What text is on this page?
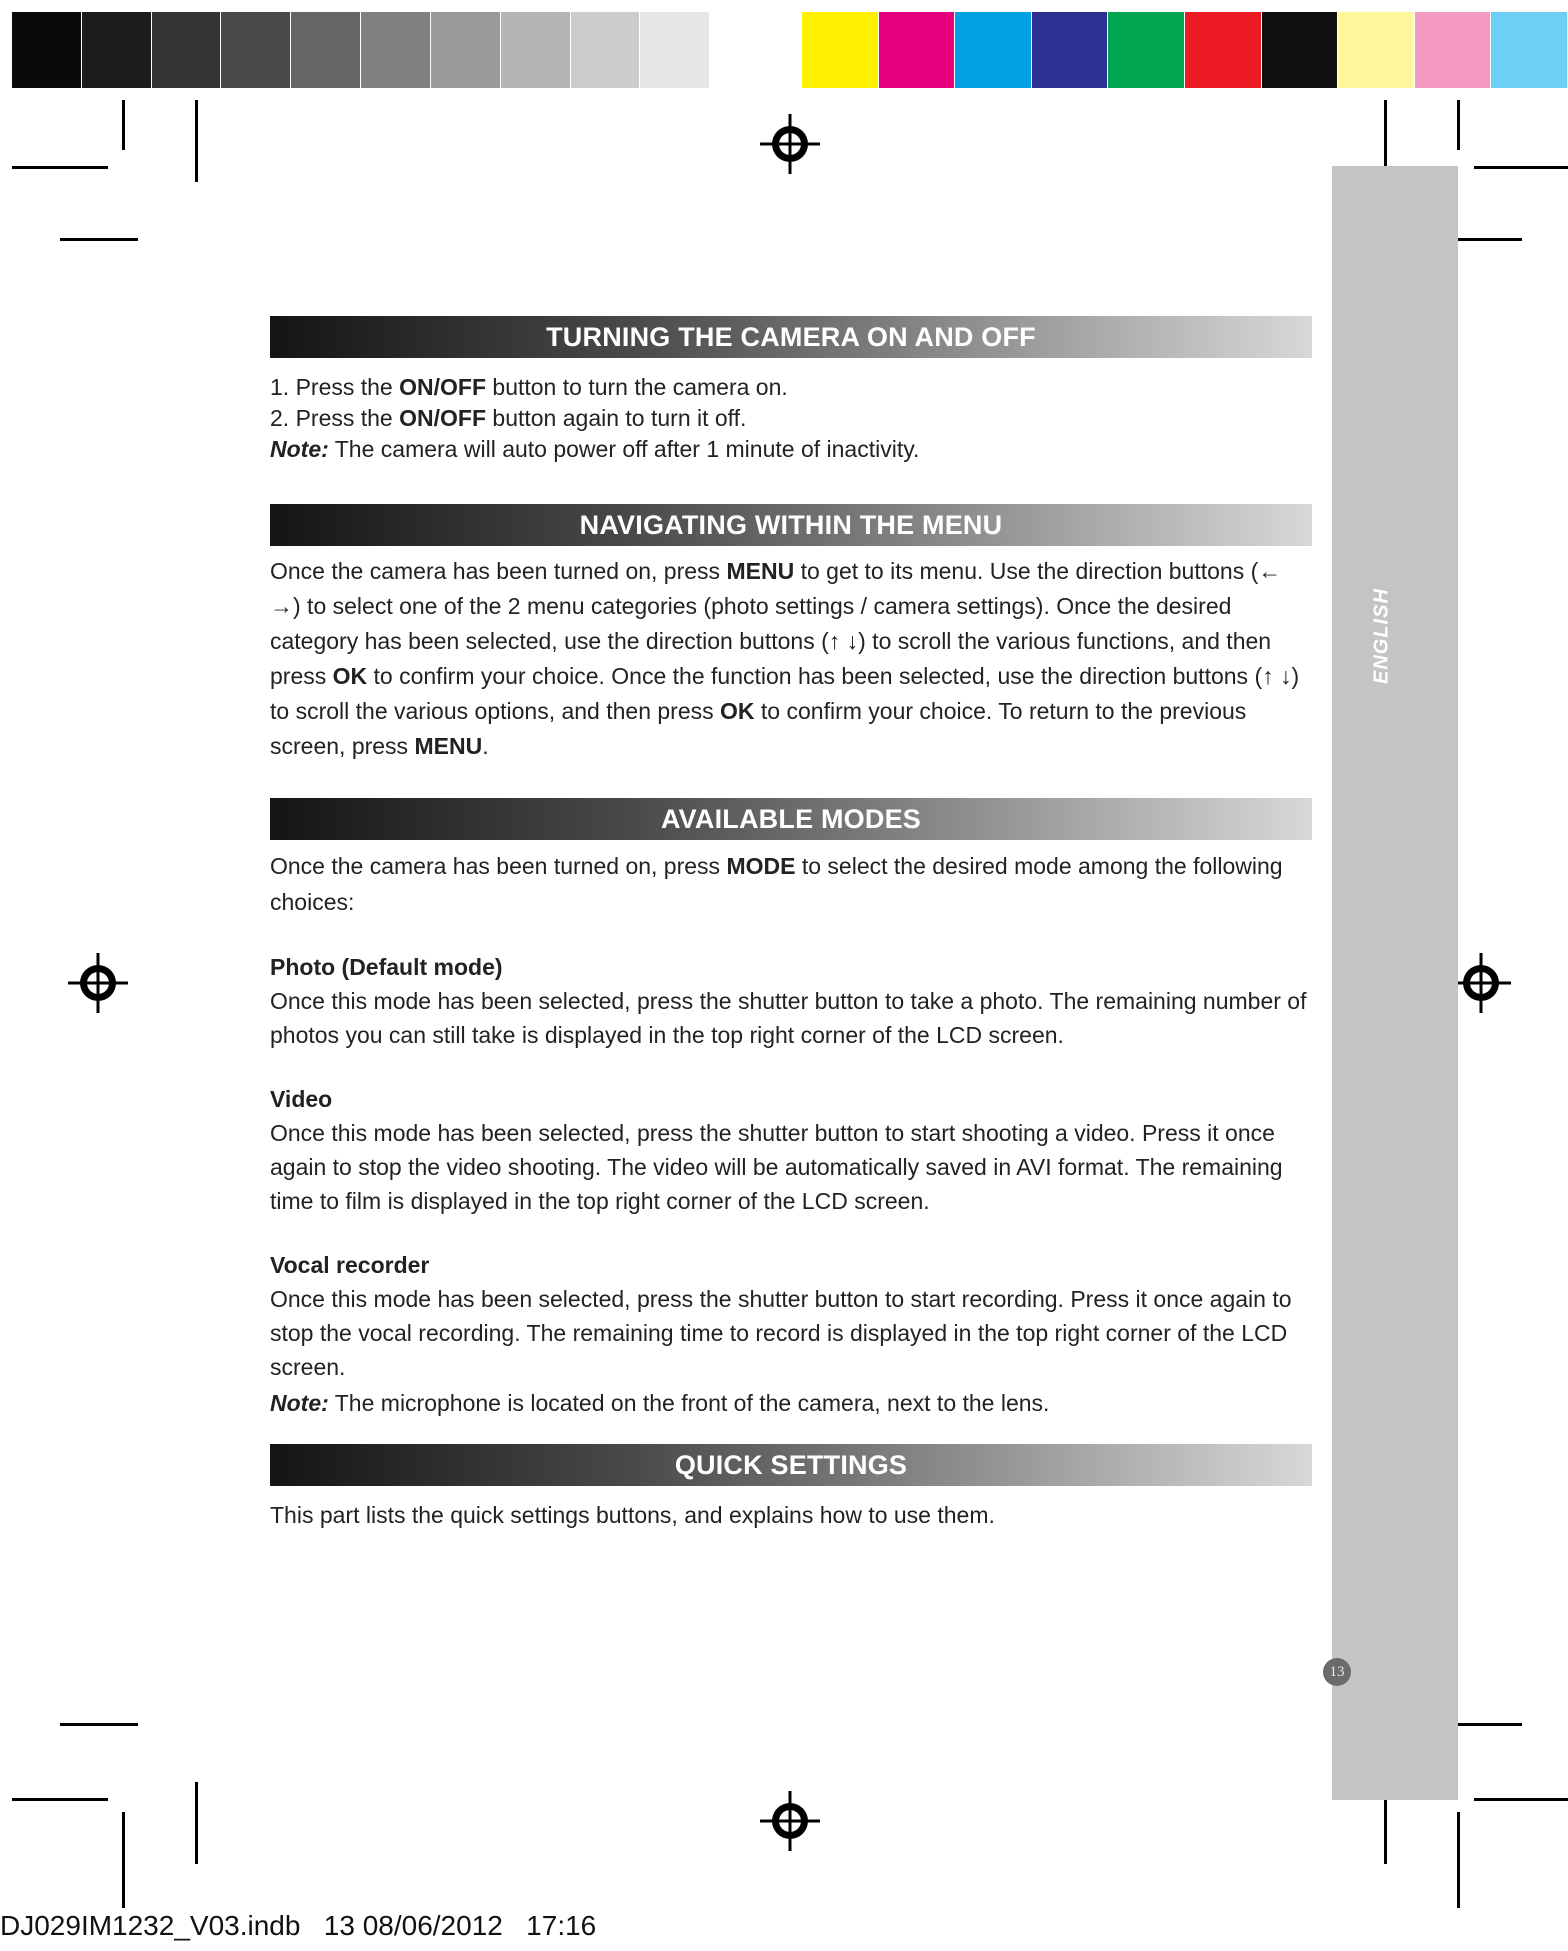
ENGLISH
13
TURNING THE CAMERA ON AND OFF

1. Press the ON/OFF button to turn the camera on.

2. Press the ON/OFF button again to turn it off.

Note: The camera will auto power off after 1 minute of inactivity.

NAVIGATING WITHIN THE MENU

Once the camera has been turned on, press MENU to get to its menu. Use the direction buttons (← →) to select one of the 2 menu categories (photo settings / camera settings). Once the desired category has been selected, use the direction buttons (↑ ↓) to scroll the various functions, and then press OK to confirm your choice. Once the function has been selected, use the direction buttons (↑ ↓) to scroll the various options, and then press OK to confirm your choice. To return to the previous screen, press MENU.

AVAILABLE MODES

Once the camera has been turned on, press MODE to select the desired mode among the following choices:

Photo (Default mode)

Once this mode has been selected, press the shutter button to take a photo. The remaining number of photos you can still take is displayed in the top right corner of the LCD screen.

Video

Once this mode has been selected, press the shutter button to start shooting a video. Press it once again to stop the video shooting. The video will be automatically saved in AVI format. The remaining time to film is displayed in the top right corner of the LCD screen.

Vocal recorder

Once this mode has been selected, press the shutter button to start recording. Press it once again to stop the vocal recording. The remaining time to record is displayed in the top right corner of the LCD screen.

Note: The microphone is located on the front of the camera, next to the lens.

QUICK SETTINGS

This part lists the quick settings buttons, and explains how to use them.

DJ029IM1232_V03.indb   13 08/06/2012   17:16
